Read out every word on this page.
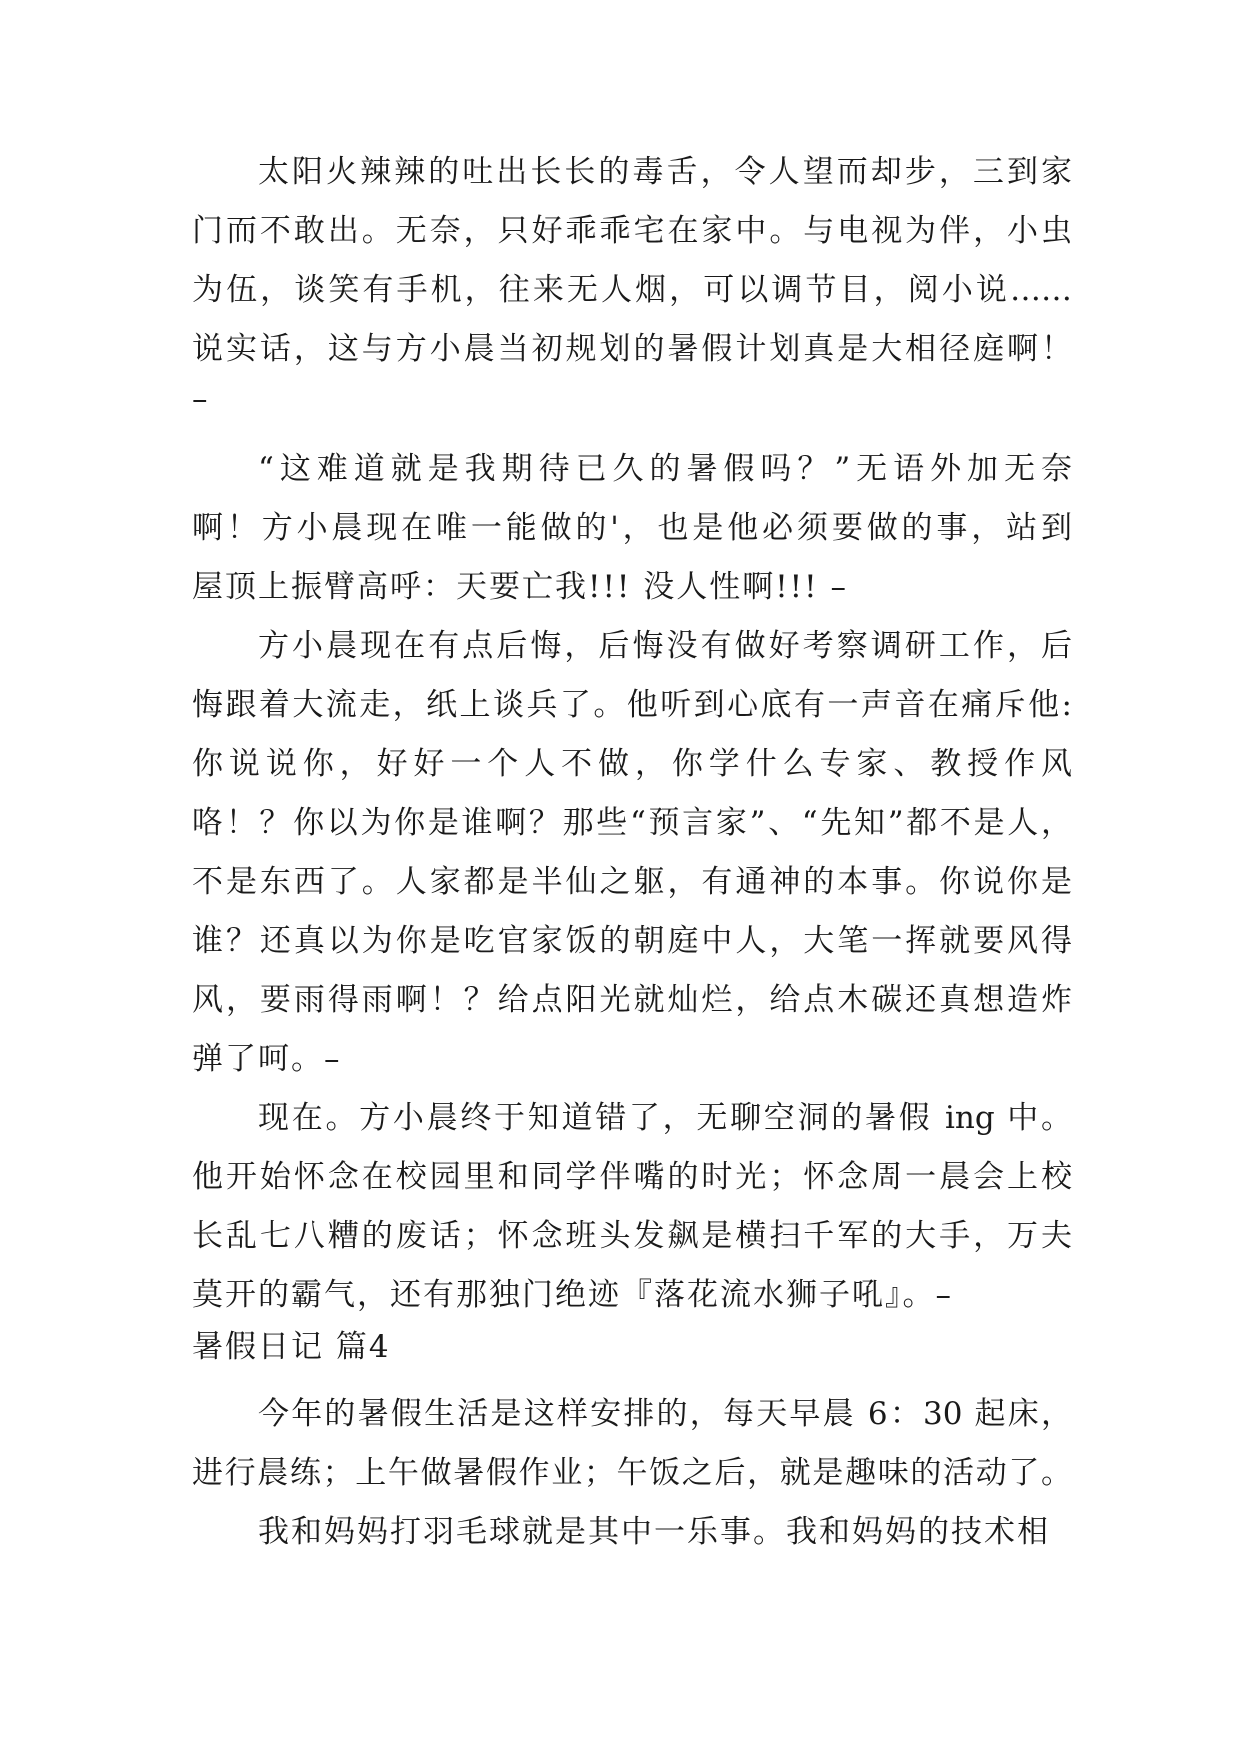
太阳火辣辣的吐出长长的毒舌，令人望而却步，三到家
门而不敢出。无奈，只好乖乖宅在家中。与电视为伴，小虫
为伍，谈笑有手机，往来无人烟，可以调节目，阅小说……
说实话，这与方小晨当初规划的暑假计划真是大相径庭啊！
–
“这难道就是我期待已久的暑假吗？”无语外加无奈
啊！方小晨现在唯一能做的'，也是他必须要做的事，站到
屋顶上振臂高呼：天要亡我!!! 没人性啊!!! –
方小晨现在有点后悔，后悔没有做好考察调研工作，后
悔跟着大流走，纸上谈兵了。他听到心底有一声音在痛斥他:
你说说你，好好一个人不做，你学什么专家、教授作风
咯！？你以为你是谁啊？那些“预言家”、“先知”都不是人，
不是东西了。人家都是半仙之躯，有通神的本事。你说你是
谁？还真以为你是吃官家饭的朝庭中人，大笔一挥就要风得
风，要雨得雨啊！？给点阳光就灿烂，给点木碳还真想造炸
弹了呵。–
现在。方小晨终于知道错了，无聊空洞的暑假 ing 中。
他开始怀念在校园里和同学伴嘴的时光；怀念周一晨会上校
长乱七八糟的废话；怀念班头发飙是横扫千军的大手，万夫
莫开的霸气，还有那独门绝迹『落花流水狮子吼』。–
暑假日记 篇4
今年的暑假生活是这样安排的，每天早晨 6：30 起床，
进行晨练；上午做暑假作业；午饭之后，就是趣味的活动了。
我和妈妈打羽毛球就是其中一乐事。我和妈妈的技术相
